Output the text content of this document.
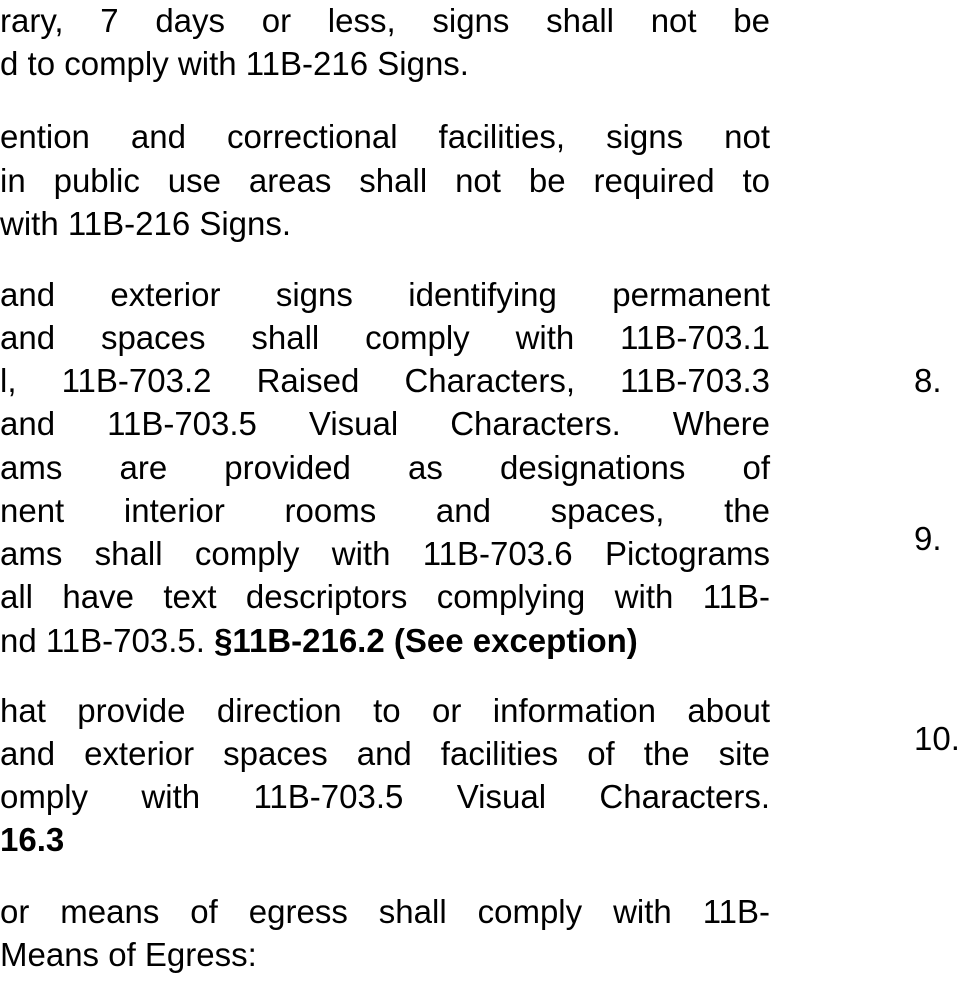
rary, 7 days or less, signs shall not be
d to comply with 11B-216 Signs.
ention and correctional facilities, signs not
in public use areas shall not be required to
with 11B-216 Signs.
and exterior signs identifying permanent
and spaces shall comply with 11B-703.1
l, 11B-703.2 Raised Characters, 11B-703.3
and 11B-703.5 Visual Characters. Where
ams are provided as designations of
nent interior rooms and spaces, the
ams shall comply with 11B-703.6 Pictograms
all have text descriptors complying with 11B-
nd 11B-703.5. §11B-216.2 (See exception)
hat provide direction to or information about
and exterior spaces and facilities of the site
omply with 11B-703.5 Visual Characters.
16.3
or means of egress shall comply with 11B-
Means of Egress:
8.
9.
10.
